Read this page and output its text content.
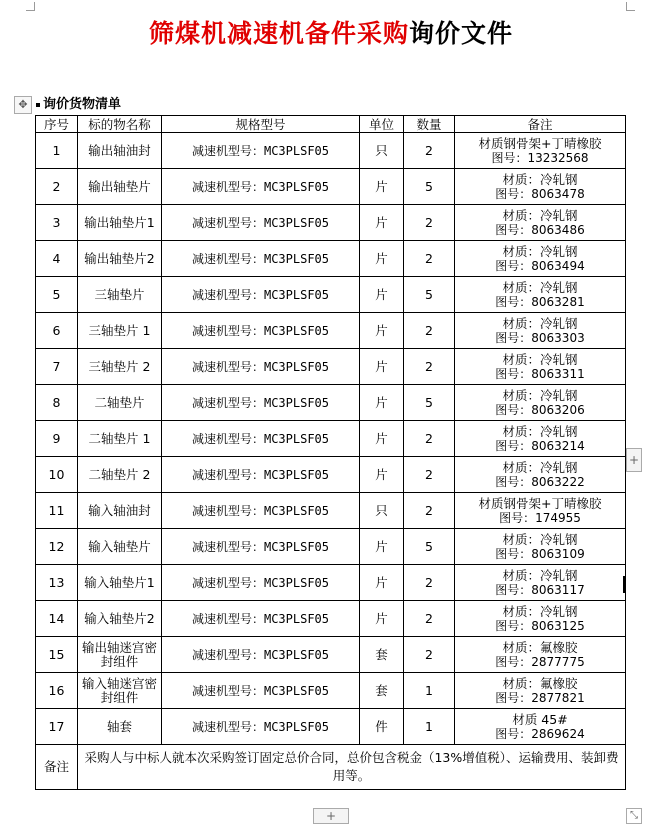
筛煤机减速机备件采购询价文件
✥	询价货物清单
序号	标的物名称	规格型号	单位	数量	备注
1	输出轴油封	减速机型号：MC3PLSF05	只	2	材质钢骨架+丁晴橡胶
图号：13232568

2	输出轴垫片	减速机型号：MC3PLSF05	片	5	材质：冷轧钢
图号：8063478

3	输出轴垫片1	减速机型号：MC3PLSF05	片	2	材质：冷轧钢
图号：8063486

4	输出轴垫片2	减速机型号：MC3PLSF05	片	2	材质：冷轧钢
图号：8063494

5	三轴垫片	减速机型号：MC3PLSF05	片	5	材质：冷轧钢
图号：8063281

6	三轴垫片 1	减速机型号：MC3PLSF05	片	2	材质：冷轧钢
图号：8063303

7	三轴垫片 2	减速机型号：MC3PLSF05	片	2	材质：冷轧钢
图号：8063311

8	二轴垫片	减速机型号：MC3PLSF05	片	5	材质：冷轧钢
图号：8063206

9	二轴垫片 1	减速机型号：MC3PLSF05	片	2	材质：冷轧钢
图号：8063214

10	二轴垫片 2	减速机型号：MC3PLSF05	片	2	材质：冷轧钢
图号：8063222

11	输入轴油封	减速机型号：MC3PLSF05	只	2	材质钢骨架+丁晴橡胶
图号：174955

12	输入轴垫片	减速机型号：MC3PLSF05	片	5	材质：冷轧钢
图号：8063109

13	输入轴垫片1	减速机型号：MC3PLSF05	片	2	材质：冷轧钢
图号：8063117

14	输入轴垫片2	减速机型号：MC3PLSF05	片	2	材质：冷轧钢
图号：8063125

15	输出轴迷宫密封组件	减速机型号：MC3PLSF05	套	2	材质：氟橡胶
图号：2877775

16	输入轴迷宫密封组件	减速机型号：MC3PLSF05	套	1	材质：氟橡胶
图号：2877821

17	轴套	减速机型号：MC3PLSF05	件	1	材质 45#
图号：2869624

备注	采购人与中标人就本次采购签订固定总价合同，总价包含税金（13%增值税）、运输费用、装卸费用等。				
+
+	⤡
